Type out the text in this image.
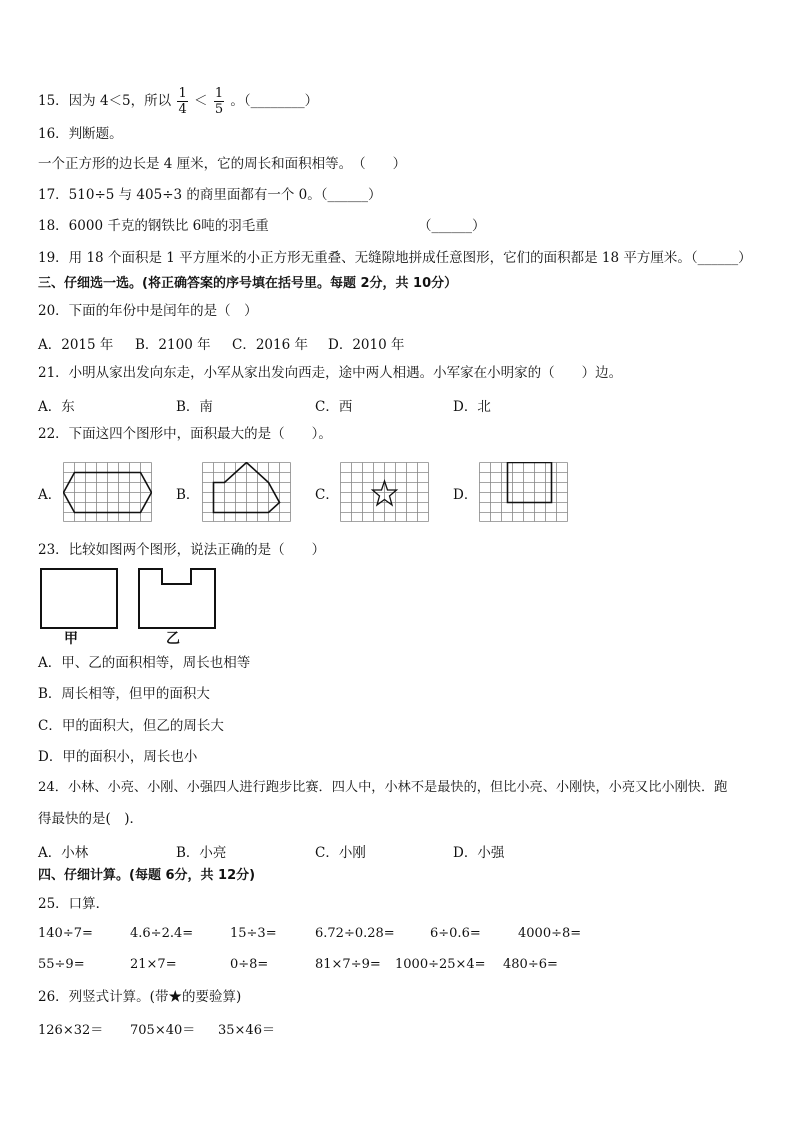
15．因为 4＜5，所以 $\frac{1}{4} < \frac{1}{5}$ 。（________）
16．判断题。
一个正方形的边长是 4 厘米，它的周长和面积相等。　（　　）
17．510÷5 与 405÷3 的商里面都有一个 0。（______）
18．6000 千克的钢铁比 6吨的羽毛重	（______）
19．用 18 个面积是 1 平方厘米的小正方形无重叠、无缝隙地拼成任意图形，它们的面积都是 18 平方厘米。（______）
三、仔细选一选。(将正确答案的序号填在括号里。每题 2分，共 10分）
20．下面的年份中是闰年的是（　）
A．2015 年 B．2100 年 C．2016 年 D．2010 年
21．小明从家出发向东走，小军从家出发向西走，途中两人相遇。小军家在小明家的（　　）边。
A．东	B．南	C．西	D．北
22．下面这四个图形中，面积最大的是（　　）。
A．	B．	C．	D．
23．比较如图两个图形，说法正确的是（　　）
甲	乙
A．甲、乙的面积相等，周长也相等
B．周长相等，但甲的面积大
C．甲的面积大，但乙的周长大
D．甲的面积小，周长也小
24．小林、小亮、小刚、小强四人进行跑步比赛．四人中，小林不是最快的，但比小亮、小刚快，小亮又比小刚快．跑
得最快的是(　)．
A．小林	B．小亮	C．小刚	D．小强
四、仔细计算。(每题 6分，共 12分)
25．口算．
140÷7=	4.6÷2.4=	15÷3=	6.72÷0.28=	6÷0.6=	4000÷8=
55÷9=	21×7=	0÷8=	81×7÷9= 1000÷25×4= 480÷6=
26．列竖式计算。(带★的要验算)
126×32＝ 705×40＝ 35×46＝
